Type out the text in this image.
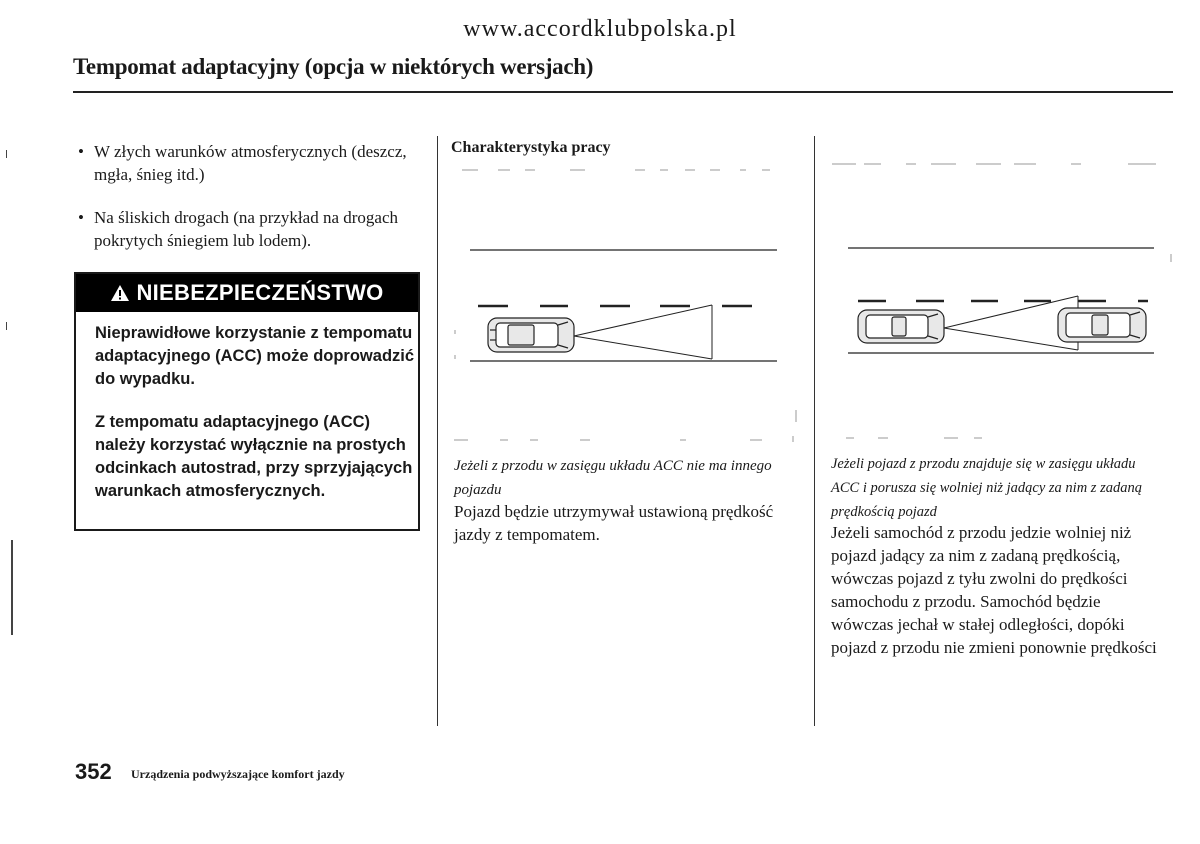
www.accordklubpolska.pl
Tempomat adaptacyjny (opcja w niektórych wersjach)
• W złych warunków atmosferycznych (deszcz, mgła, śnieg itd.)
• Na śliskich drogach (na przykład na drogach pokrytych śniegiem lub lodem).
NIEBEZPIECZEŃSTWO

Nieprawidłowe korzystanie z tempomatu adaptacyjnego (ACC) może doprowadzić do wypadku.

Z tempomatu adaptacyjnego (ACC) należy korzystać wyłącznie na prostych odcinkach autostrad, przy sprzyjających warunkach atmosferycznych.

Charakterystyka pracy
Jeżeli z przodu w zasięgu układu ACC nie ma innego pojazdu
Pojazd będzie utrzymywał ustawioną prędkość jazdy z tempomatem.
Jeżeli pojazd z przodu znajduje się w zasięgu układu ACC i porusza się wolniej niż jadący za nim z zadaną prędkością pojazd
Jeżeli samochód z przodu jedzie wolniej niż pojazd jadący za nim z zadaną prędkością, wówczas pojazd z tyłu zwolni do prędkości samochodu z przodu. Samochód będzie wówczas jechał w stałej odległości, dopóki pojazd z przodu nie zmieni ponownie prędkości
352 Urządzenia podwyższające komfort jazdy
